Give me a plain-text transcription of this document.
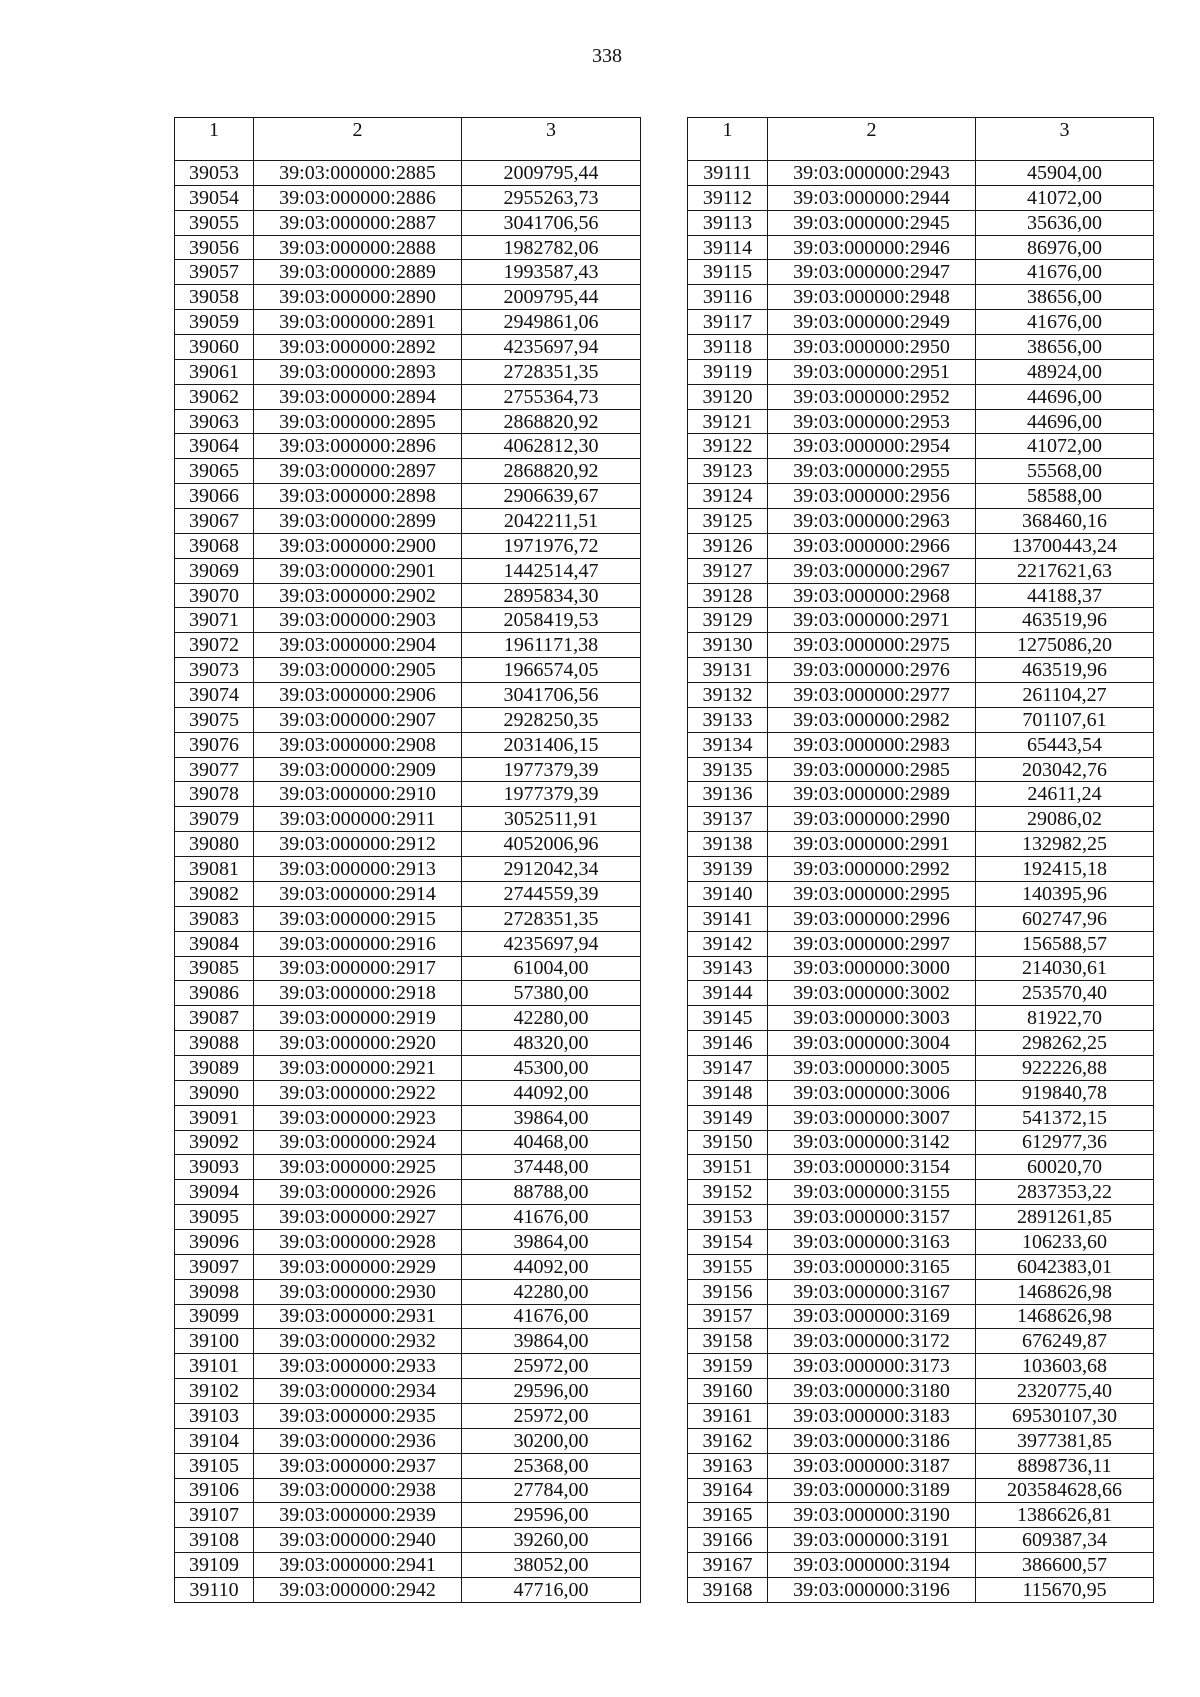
338
1	2	3
39053	39:03:000000:2885	2009795,44
39054	39:03:000000:2886	2955263,73
39055	39:03:000000:2887	3041706,56
39056	39:03:000000:2888	1982782,06
39057	39:03:000000:2889	1993587,43
39058	39:03:000000:2890	2009795,44
39059	39:03:000000:2891	2949861,06
39060	39:03:000000:2892	4235697,94
39061	39:03:000000:2893	2728351,35
39062	39:03:000000:2894	2755364,73
39063	39:03:000000:2895	2868820,92
39064	39:03:000000:2896	4062812,30
39065	39:03:000000:2897	2868820,92
39066	39:03:000000:2898	2906639,67
39067	39:03:000000:2899	2042211,51
39068	39:03:000000:2900	1971976,72
39069	39:03:000000:2901	1442514,47
39070	39:03:000000:2902	2895834,30
39071	39:03:000000:2903	2058419,53
39072	39:03:000000:2904	1961171,38
39073	39:03:000000:2905	1966574,05
39074	39:03:000000:2906	3041706,56
39075	39:03:000000:2907	2928250,35
39076	39:03:000000:2908	2031406,15
39077	39:03:000000:2909	1977379,39
39078	39:03:000000:2910	1977379,39
39079	39:03:000000:2911	3052511,91
39080	39:03:000000:2912	4052006,96
39081	39:03:000000:2913	2912042,34
39082	39:03:000000:2914	2744559,39
39083	39:03:000000:2915	2728351,35
39084	39:03:000000:2916	4235697,94
39085	39:03:000000:2917	61004,00
39086	39:03:000000:2918	57380,00
39087	39:03:000000:2919	42280,00
39088	39:03:000000:2920	48320,00
39089	39:03:000000:2921	45300,00
39090	39:03:000000:2922	44092,00
39091	39:03:000000:2923	39864,00
39092	39:03:000000:2924	40468,00
39093	39:03:000000:2925	37448,00
39094	39:03:000000:2926	88788,00
39095	39:03:000000:2927	41676,00
39096	39:03:000000:2928	39864,00
39097	39:03:000000:2929	44092,00
39098	39:03:000000:2930	42280,00
39099	39:03:000000:2931	41676,00
39100	39:03:000000:2932	39864,00
39101	39:03:000000:2933	25972,00
39102	39:03:000000:2934	29596,00
39103	39:03:000000:2935	25972,00
39104	39:03:000000:2936	30200,00
39105	39:03:000000:2937	25368,00
39106	39:03:000000:2938	27784,00
39107	39:03:000000:2939	29596,00
39108	39:03:000000:2940	39260,00
39109	39:03:000000:2941	38052,00
39110	39:03:000000:2942	47716,00
1	2	3
39111	39:03:000000:2943	45904,00
39112	39:03:000000:2944	41072,00
39113	39:03:000000:2945	35636,00
39114	39:03:000000:2946	86976,00
39115	39:03:000000:2947	41676,00
39116	39:03:000000:2948	38656,00
39117	39:03:000000:2949	41676,00
39118	39:03:000000:2950	38656,00
39119	39:03:000000:2951	48924,00
39120	39:03:000000:2952	44696,00
39121	39:03:000000:2953	44696,00
39122	39:03:000000:2954	41072,00
39123	39:03:000000:2955	55568,00
39124	39:03:000000:2956	58588,00
39125	39:03:000000:2963	368460,16
39126	39:03:000000:2966	13700443,24
39127	39:03:000000:2967	2217621,63
39128	39:03:000000:2968	44188,37
39129	39:03:000000:2971	463519,96
39130	39:03:000000:2975	1275086,20
39131	39:03:000000:2976	463519,96
39132	39:03:000000:2977	261104,27
39133	39:03:000000:2982	701107,61
39134	39:03:000000:2983	65443,54
39135	39:03:000000:2985	203042,76
39136	39:03:000000:2989	24611,24
39137	39:03:000000:2990	29086,02
39138	39:03:000000:2991	132982,25
39139	39:03:000000:2992	192415,18
39140	39:03:000000:2995	140395,96
39141	39:03:000000:2996	602747,96
39142	39:03:000000:2997	156588,57
39143	39:03:000000:3000	214030,61
39144	39:03:000000:3002	253570,40
39145	39:03:000000:3003	81922,70
39146	39:03:000000:3004	298262,25
39147	39:03:000000:3005	922226,88
39148	39:03:000000:3006	919840,78
39149	39:03:000000:3007	541372,15
39150	39:03:000000:3142	612977,36
39151	39:03:000000:3154	60020,70
39152	39:03:000000:3155	2837353,22
39153	39:03:000000:3157	2891261,85
39154	39:03:000000:3163	106233,60
39155	39:03:000000:3165	6042383,01
39156	39:03:000000:3167	1468626,98
39157	39:03:000000:3169	1468626,98
39158	39:03:000000:3172	676249,87
39159	39:03:000000:3173	103603,68
39160	39:03:000000:3180	2320775,40
39161	39:03:000000:3183	69530107,30
39162	39:03:000000:3186	3977381,85
39163	39:03:000000:3187	8898736,11
39164	39:03:000000:3189	203584628,66
39165	39:03:000000:3190	1386626,81
39166	39:03:000000:3191	609387,34
39167	39:03:000000:3194	386600,57
39168	39:03:000000:3196	115670,95
